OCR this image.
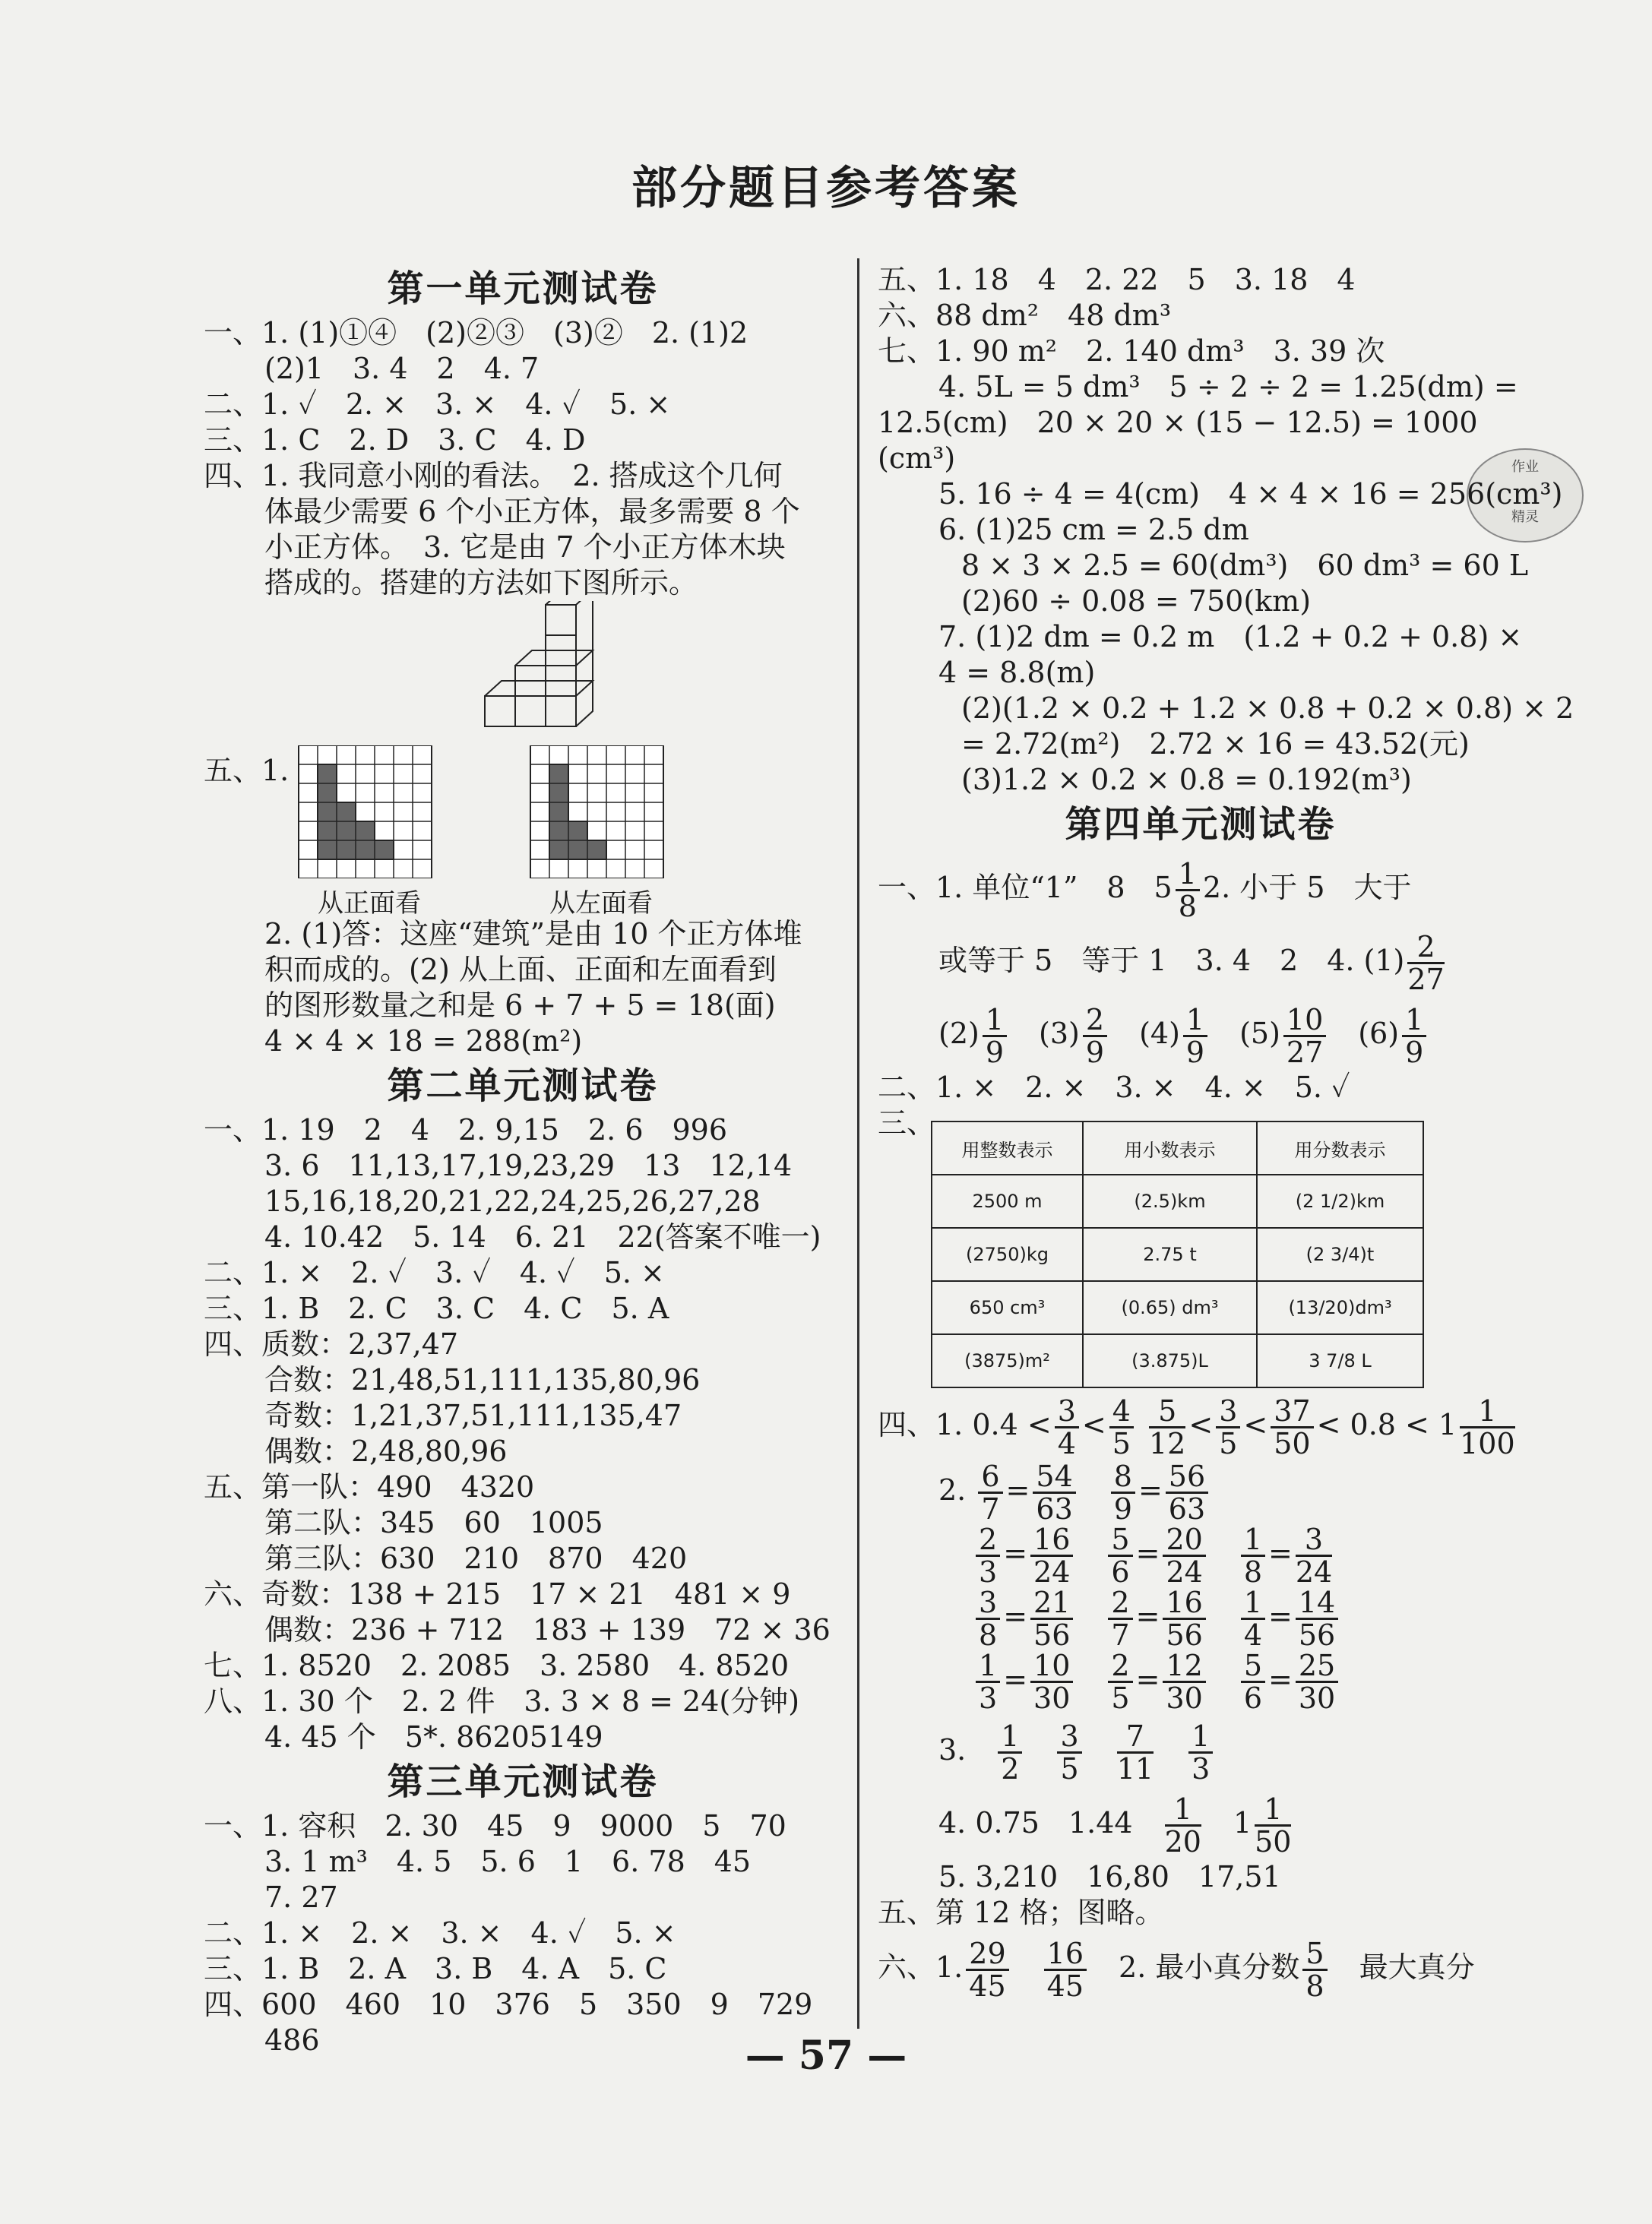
部分题目参考答案
作业
精灵
第一单元测试卷
一、1. (1)①④　(2)②③　(3)②　2. (1)2
(2)1　3. 4　2　4. 7
二、1. ✓　2. ×　3. ×　4. ✓　5. ×
三、1. C　2. D　3. C　4. D
四、1. 我同意小刚的看法。　2. 搭成这个几何
体最少需要 6 个小正方体，最多需要 8 个
小正方体。　3. 它是由 7 个小正方体木块
搭成的。搭建的方法如下图所示。
五、1.
从正面看	从左面看
2. (1)答：这座“建筑”是由 10 个正方体堆
积而成的。(2) 从上面、正面和左面看到
的图形数量之和是 6 + 7 + 5 = 18(面)
4 × 4 × 18 = 288(m²)
第二单元测试卷
一、1. 19　2　4　2. 9,15　2. 6　996
3. 6　11,13,17,19,23,29　13　12,14
15,16,18,20,21,22,24,25,26,27,28
4. 10.42　5. 14　6. 21　22(答案不唯一)
二、1. ×　2. ✓　3. ✓　4. ✓　5. ×
三、1. B　2. C　3. C　4. C　5. A
四、质数：2,37,47
合数：21,48,51,111,135,80,96
奇数：1,21,37,51,111,135,47
偶数：2,48,80,96
五、第一队：490　4320
第二队：345　60　1005
第三队：630　210　870　420
六、奇数：138 + 215　17 × 21　481 × 9
偶数：236 + 712　183 + 139　72 × 36
七、1. 8520　2. 2085　3. 2580　4. 8520
八、1. 30 个　2. 2 件　3. 3 × 8 = 24(分钟)
4. 45 个　5*. 86205149
第三单元测试卷
一、1. 容积　2. 30　45　9　9000　5　70
3. 1 m³　4. 5　5. 6　1　6. 78　45
7. 27
二、1. ×　2. ×　3. ×　4. ✓　5. ×
三、1. B　2. A　3. B　4. A　5. C
四、600　460　10　376　5　350　9　729
486
五、1. 18　4　2. 22　5　3. 18　4
六、88 dm²　48 dm³
七、1. 90 m²　2. 140 dm³　3. 39 次
4. 5L = 5 dm³　5 ÷ 2 ÷ 2 = 1.25(dm) =
12.5(cm)　20 × 20 × (15 − 12.5) = 1000
(cm³)
5. 16 ÷ 4 = 4(cm)　4 × 4 × 16 = 256(cm³)
6. (1)25 cm = 2.5 dm
8 × 3 × 2.5 = 60(dm³)　60 dm³ = 60 L
(2)60 ÷ 0.08 = 750(km)
7. (1)2 dm = 0.2 m　(1.2 + 0.2 + 0.8) ×
4 = 8.8(m)
(2)(1.2 × 0.2 + 1.2 × 0.8 + 0.2 × 0.8) × 2
= 2.72(m²)　2.72 × 16 = 43.52(元)
(3)1.2 × 0.2 × 0.8 = 0.192(m³)
第四单元测试卷
一、1. 单位“1”　8　$5 \frac{1}{8} 2$. 小于 5　大于
或等于 5　等于 1　3. 4　2　4. $(1) \frac{2}{27}$
$(2) \frac{1}{9}$
　 $(3) \frac{2}{9}$
　 $(4) \frac{1}{9}$
　 $(5) \frac{10}{27}$
　 $(6) \frac{1}{9}$
二、1. ×　2. ×　3. ×　4. ×　5. ✓
三、
用整数表示	用小数表示	用分数表示
2500 m	(2.5)km	(2 1/2)km
(2750)kg	2.75 t	(2 3/4)t
650 cm³	(0.65) dm³	(13/20)dm³
(3875)m²	(3.875)L	3 7/8 L
四、1. $0.4 < \frac{3}{4} < \frac{4}{5}$
$\frac{5}{12} < \frac{3}{5} < \frac{37}{50} < 0.8 < 1 \frac{1}{100}$
2. $\frac{6}{7} = \frac{54}{63}$
　 $\frac{8}{9} = \frac{56}{63}$

$\frac{2}{3} = \frac{16}{24}$
　 $\frac{5}{6} = \frac{20}{24}$
　 $\frac{1}{8} = \frac{3}{24}$

$\frac{3}{8} = \frac{21}{56}$
　 $\frac{2}{7} = \frac{16}{56}$
　 $\frac{1}{4} = \frac{14}{56}$

$\frac{1}{3} = \frac{10}{30}$
　 $\frac{2}{5} = \frac{12}{30}$
　 $\frac{5}{6} = \frac{25}{30}$

3.　 $\frac{1}{2}$
　 $\frac{3}{5}$
　 $\frac{7}{11}$
　 $\frac{1}{3}$
4. 0.75　1.44　 $\frac{1}{20}$ 　$1 \frac{1}{50}$
5. 3,210　16,80　17,51
五、第 12 格；图略。
六、1. $\frac{29}{45}$
　 $\frac{16}{45}$
　 2. 最小真分数 $\frac{5}{8}$
　 最大真分
— 57 —
